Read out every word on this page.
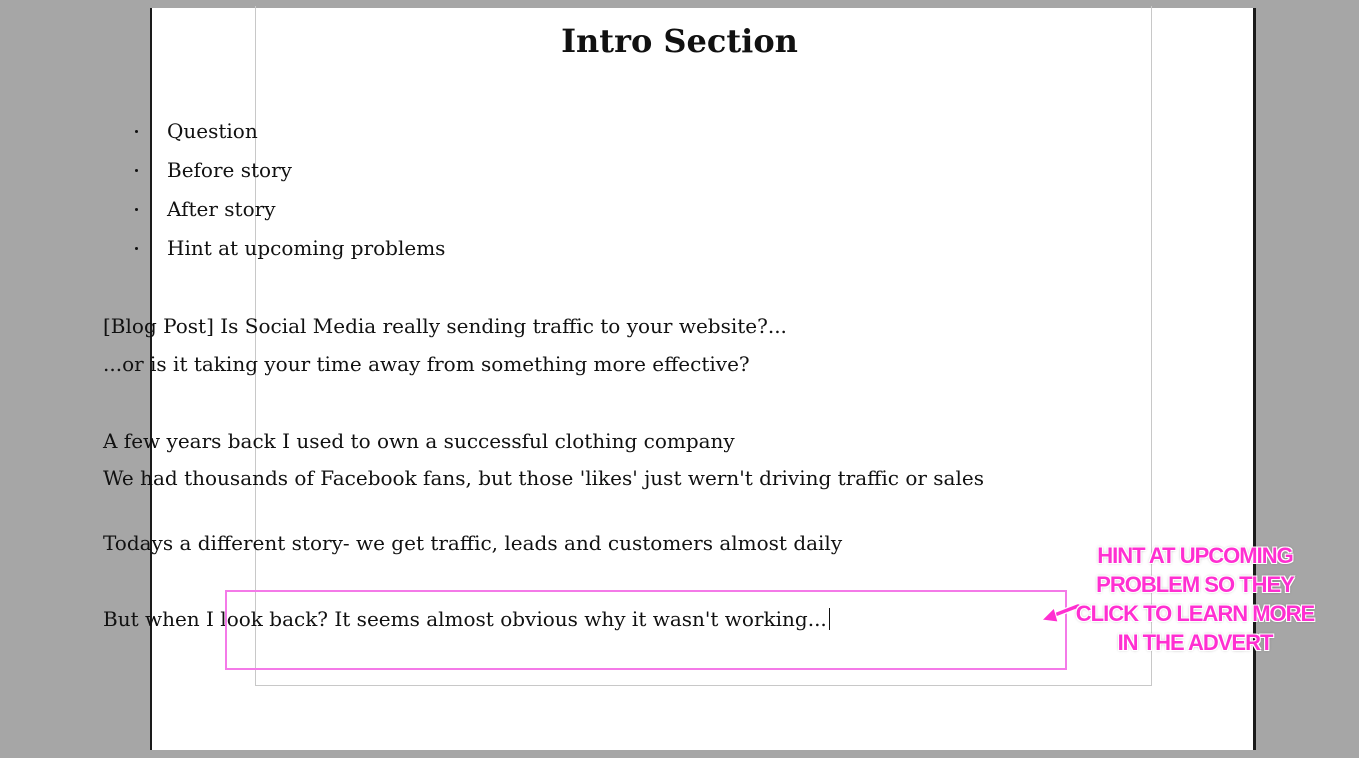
Intro Section
Question
Before story
After story
Hint at upcoming problems

[Blog Post] Is Social Media really sending traffic to your website?...

...or is it taking your time away from something more effective?

A few years back I used to own a successful clothing company

We had thousands of Facebook fans, but those 'likes' just wern't driving traffic or sales

Todays a different story- we get traffic, leads and customers almost daily

But when I look back? It seems almost obvious why it wasn't working...

HINT AT UPCOMING PROBLEM SO THEY CLICK TO LEARN MORE IN THE ADVERT
